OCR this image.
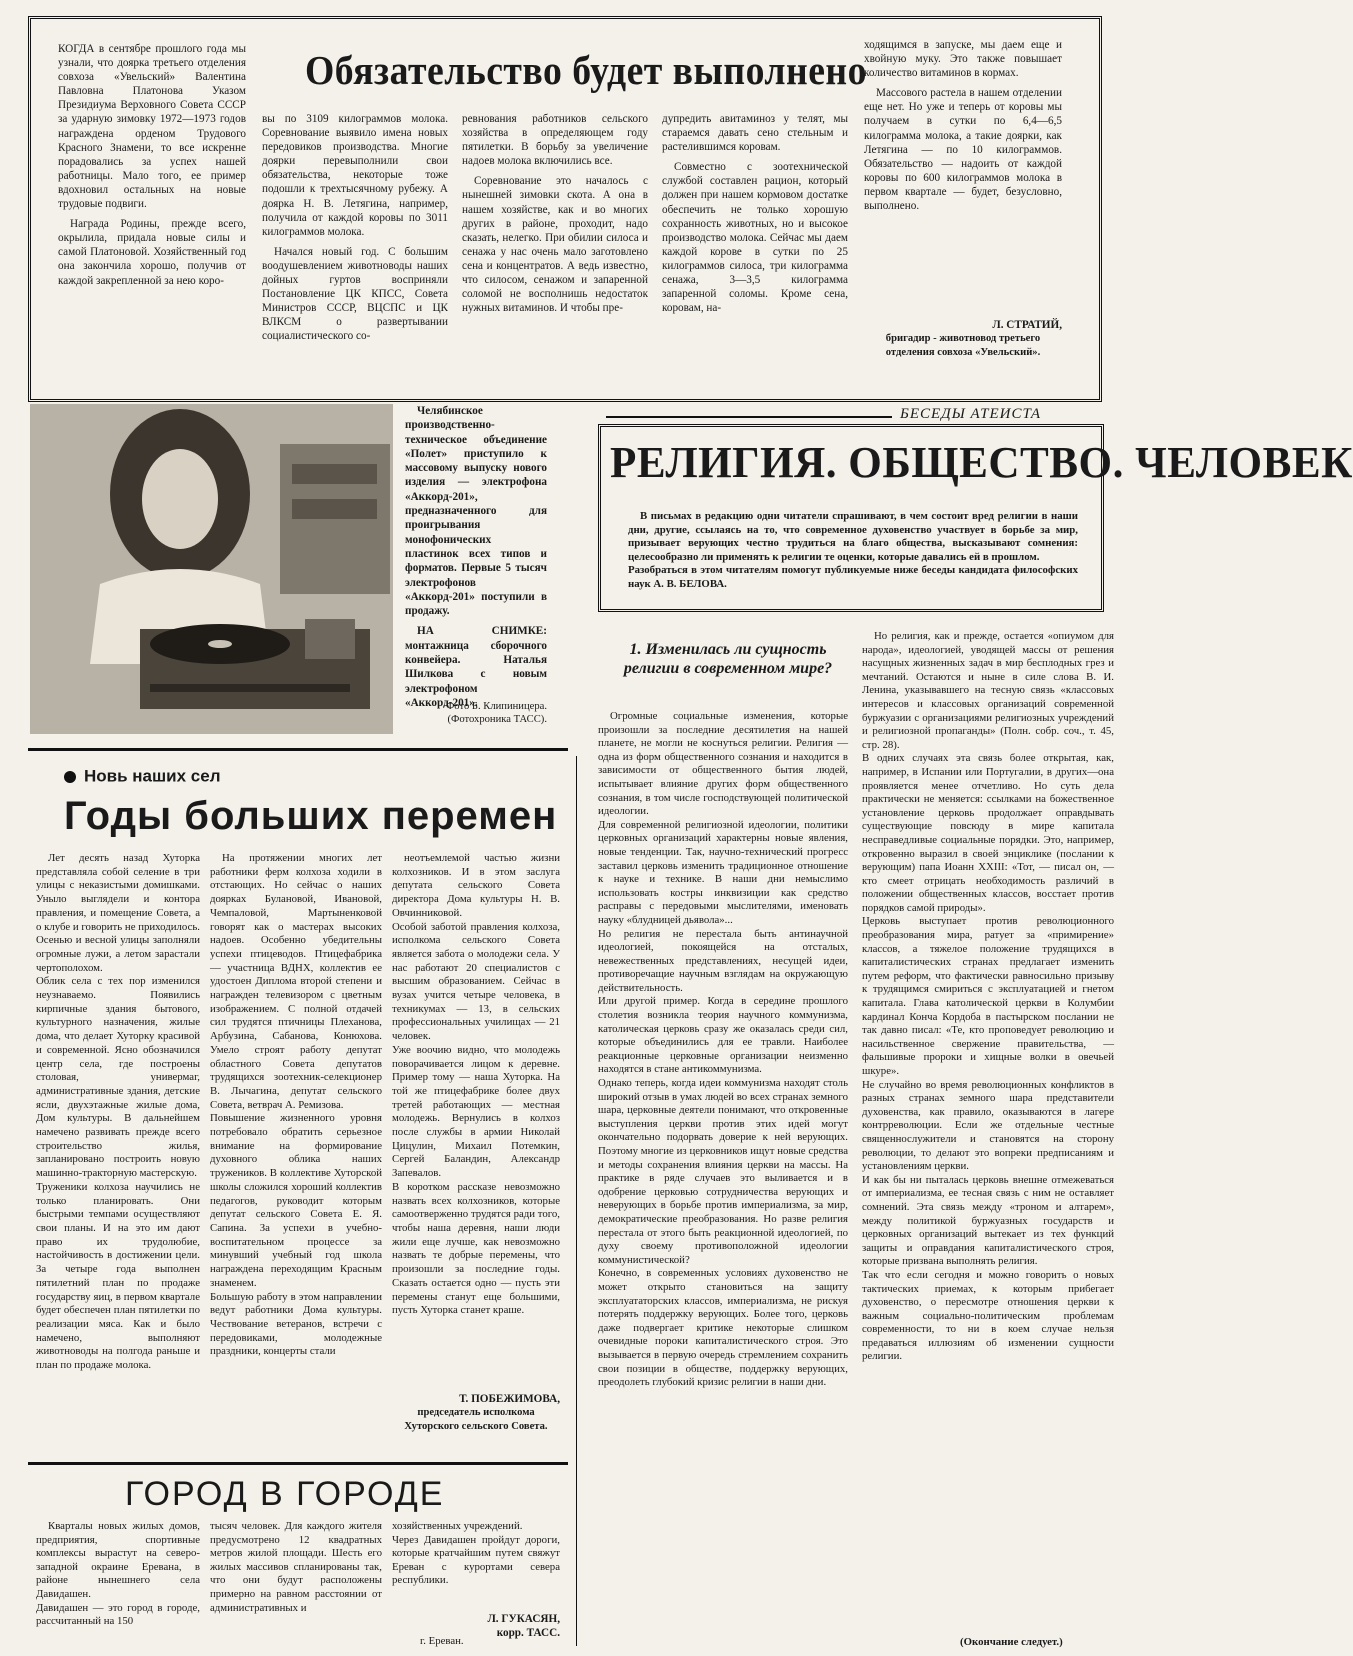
Обязательство будет выполнено

КОГДА в сентябре прошлого года мы узнали, что доярка третьего отделения совхоза «Увельский» Валентина Павловна Платонова Указом Президиума Верховного Совета СССР за ударную зимовку 1972—1973 годов награждена орденом Трудового Красного Знамени, то все искренне порадовались за успех нашей работницы. Мало того, ее пример вдохновил остальных на новые трудовые подвиги.

Награда Родины, прежде всего, окрылила, придала новые силы и самой Платоновой. Хозяйственный год она закончила хорошо, получив от каждой закрепленной за нею коро-

вы по 3109 килограммов молока. Соревнование выявило имена новых передовиков производства. Многие доярки перевыполнили свои обязательства, некоторые тоже подошли к трехтысячному рубежу. А доярка Н. В. Летягина, например, получила от каждой коровы по 3011 килограммов молока.

Начался новый год. С большим воодушевлением животноводы наших дойных гуртов восприняли Постановление ЦК КПСС, Совета Министров СССР, ВЦСПС и ЦК ВЛКСМ о развертывании социалистического со-

ревнования работников сельского хозяйства в определяющем году пятилетки. В борьбу за увеличение надоев молока включились все.

Соревнование это началось с нынешней зимовки скота. А она в нашем хозяйстве, как и во многих других в районе, проходит, надо сказать, нелегко. При обилии силоса и сенажа у нас очень мало заготовлено сена и концентратов. А ведь известно, что силосом, сенажом и запаренной соломой не восполнишь недостаток нужных витаминов. И чтобы пре-

дупредить авитаминоз у телят, мы стараемся давать сено стельным и растелившимся коровам.

Совместно с зоотехнической службой составлен рацион, который должен при нашем кормовом достатке обеспечить не только хорошую сохранность животных, но и высокое производство молока. Сейчас мы даем каждой корове в сутки по 25 килограммов силоса, три килограмма сенажа, 3—3,5 килограмма запаренной соломы. Кроме сена, коровам, на-

ходящимся в запуске, мы даем еще и хвойную муку. Это также повышает количество витаминов в кормах.

Массового растела в нашем отделении еще нет. Но уже и теперь от коровы мы получаем в сутки по 6,4—6,5 килограмма молока, а такие доярки, как Летягина — по 10 килограммов. Обязательство — надоить от каждой коровы по 600 килограммов молока в первом квартале — будет, безусловно, выполнено.

Л. СТРАТИЙ,
бригадир - животновод третьего отделения совхоза «Увельский».

Челябинское производственно-техническое объединение «Полет» приступило к массовому выпуску нового изделия — электрофона «Аккорд-201», предназначенного для проигрывания монофонических пластинок всех типов и форматов. Первые 5 тысяч электрофонов «Аккорд-201» поступили в продажу.

НА СНИМКЕ: монтажница сборочного конвейера. Наталья Шилкова с новым электрофоном «Аккорд-201».

Фото Б. Клипиницера. (Фотохроника ТАСС).
Новь наших сел
Годы больших перемен

Лет десять назад Хуторка представляла собой селение в три улицы с неказистыми домишками. Уныло выглядели и контора правления, и помещение Совета, а о клубе и говорить не приходилось. Осенью и весной улицы заполняли огромные лужи, а летом зарастали чертополохом.
Облик села с тех пор изменился неузнаваемо. Появились кирпичные здания бытового, культурного назначения, жилые дома, что делает Хуторку красивой и современной. Ясно обозначился центр села, где построены столовая, универмаг, административные здания, детские ясли, двухэтажные жилые дома, Дом культуры. В дальнейшем намечено развивать прежде всего строительство жилья, запланировано построить новую машинно-тракторную мастерскую.
Труженики колхоза научились не только планировать. Они быстрыми темпами осуществляют свои планы. И на это им дают право их трудолюбие, настойчивость в достижении цели. За четыре года выполнен пятилетний план по продаже государству яиц, в первом квартале будет обеспечен план пятилетки по реализации мяса. Как и было намечено, выполняют животноводы на полгода раньше и план по продаже молока.

На протяжении многих лет работники ферм колхоза ходили в отстающих. Но сейчас о наших доярках Булановой, Ивановой, Чемпаловой, Мартыненковой говорят как о мастерах высоких надоев. Особенно убедительны успехи птицеводов. Птицефабрика — участница ВДНХ, коллектив ее удостоен Диплома второй степени и награжден телевизором с цветным изображением. С полной отдачей сил трудятся птичницы Плеханова, Арбузина, Сабанова, Конюхова. Умело строят работу депутат областного Совета депутатов трудящихся зоотехник-селекционер В. Лычагина, депутат сельского Совета, ветврач А. Ремизова.
Повышение жизненного уровня потребовало обратить серьезное внимание на формирование духовного облика наших тружеников. В коллективе Хуторской школы сложился хороший коллектив педагогов, руководит которым депутат сельского Совета Е. Я. Сапина. За успехи в учебно-воспитательном процессе за минувший учебный год школа награждена переходящим Красным знаменем.
Большую работу в этом направлении ведут работники Дома культуры. Чествование ветеранов, встречи с передовиками, молодежные праздники, концерты стали

неотъемлемой частью жизни колхозников. И в этом заслуга депутата сельского Совета директора Дома культуры Н. В. Овчинниковой.
Особой заботой правления колхоза, исполкома сельского Совета является забота о молодежи села. У нас работают 20 специалистов с высшим образованием. Сейчас в вузах учится четыре человека, в техникумах — 13, в сельских профессиональных училищах — 21 человек.
Уже воочию видно, что молодежь поворачивается лицом к деревне. Пример тому — наша Хуторка. На той же птицефабрике более двух третей работающих — местная молодежь. Вернулись в колхоз после службы в армии Николай Цицулин, Михаил Потемкин, Сергей Баландин, Александр Запевалов.
В коротком рассказе невозможно назвать всех колхозников, которые самоотверженно трудятся ради того, чтобы наша деревня, наши люди жили еще лучше, как невозможно назвать те добрые перемены, что произошли за последние годы. Сказать остается одно — пусть эти перемены станут еще большими, пусть Хуторка станет краше.

Т. ПОБЕЖИМОВА,
председатель исполкома Хуторского сельского Совета.
ГОРОД В ГОРОДЕ

Кварталы новых жилых домов, предприятия, спортивные комплексы вырастут на северо-западной окраине Еревана, в районе нынешнего села Давидашен.
Давидашен — это город в городе, рассчитанный на 150

тысяч человек. Для каждого жителя предусмотрено 12 квадратных метров жилой площади. Шесть его жилых массивов спланированы так, что они будут расположены примерно на равном расстоянии от административных и

хозяйственных учреждений.
Через Давидашен пройдут дороги, которые кратчайшим путем свяжут Ереван с курортами севера республики.

Л. ГУКАСЯН,
корр. ТАСС.
г. Ереван.
БЕСЕДЫ АТЕИСТА
РЕЛИГИЯ. ОБЩЕСТВО. ЧЕЛОВЕК

В письмах в редакцию одни читатели спрашивают, в чем состоит вред религии в наши дни, другие, ссылаясь на то, что современное духовенство участвует в борьбе за мир, призывает верующих честно трудиться на благо общества, высказывают сомнения: целесообразно ли применять к религии те оценки, которые давались ей в прошлом.
Разобраться в этом читателям помогут публикуемые ниже беседы кандидата философских наук А. В. БЕЛОВА.

1. Изменилась ли сущность религии в современном мире?

Огромные социальные изменения, которые произошли за последние десятилетия на нашей планете, не могли не коснуться религии. Религия — одна из форм общественного сознания и находится в зависимости от общественного бытия людей, испытывает влияние других форм общественного сознания, в том числе господствующей политической идеологии.
Для современной религиозной идеологии, политики церковных организаций характерны новые явления, новые тенденции. Так, научно-технический прогресс заставил церковь изменить традиционное отношение к науке и технике. В наши дни немыслимо использовать костры инквизиции как средство расправы с передовыми мыслителями, именовать науку «блудницей дьявола»...
Но религия не перестала быть антинаучной идеологией, покоящейся на отсталых, невежественных представлениях, несущей идеи, противоречащие научным взглядам на окружающую действительность.
Или другой пример. Когда в середине прошлого столетия возникла теория научного коммунизма, католическая церковь сразу же оказалась среди сил, которые объединились для ее травли. Наиболее реакционные церковные организации неизменно находятся в стане антикоммунизма.
Однако теперь, когда идеи коммунизма находят столь широкий отзыв в умах людей во всех странах земного шара, церковные деятели понимают, что откровенные выступления церкви против этих идей могут окончательно подорвать доверие к ней верующих. Поэтому многие из церковников ищут новые средства и методы сохранения влияния церкви на массы. На практике в ряде случаев это выливается и в одобрение церковью сотрудничества верующих и неверующих в борьбе против империализма, за мир, демократические преобразования. Но разве религия перестала от этого быть реакционной идеологией, по духу своему противоположной идеологии коммунистической?
Конечно, в современных условиях духовенство не может открыто становиться на защиту эксплуататорских классов, империализма, не рискуя потерять поддержку верующих. Более того, церковь даже подвергает критике некоторые слишком очевидные пороки капиталистического строя. Это вызывается в первую очередь стремлением сохранить свои позиции в обществе, поддержку верующих, преодолеть глубокий кризис религии в наши дни.

Но религия, как и прежде, остается «опиумом для народа», идеологией, уводящей массы от решения насущных жизненных задач в мир бесплодных грез и мечтаний. Остаются и ныне в силе слова В. И. Ленина, указывавшего на тесную связь «классовых интересов и классовых организаций современной буржуазии с организациями религиозных учреждений и религиозной пропаганды» (Полн. собр. соч., т. 45, стр. 28).
В одних случаях эта связь более открытая, как, например, в Испании или Португалии, в других—она проявляется менее отчетливо. Но суть дела практически не меняется: ссылками на божественное установление церковь продолжает оправдывать существующие повсюду в мире капитала несправедливые социальные порядки. Это, например, откровенно выразил в своей энциклике (послании к верующим) папа Иоанн XXIII: «Тот, — писал он, — кто смеет отрицать необходимость различий в положении общественных классов, восстает против порядков самой природы».
Церковь выступает против революционного преобразования мира, ратует за «примирение» классов, а тяжелое положение трудящихся в капиталистических странах предлагает изменить путем реформ, что фактически равносильно призыву к трудящимся смириться с эксплуатацией и гнетом капитала. Глава католической церкви в Колумбии кардинал Конча Кордоба в пастырском послании не так давно писал: «Те, кто проповедует революцию и насильственное свержение правительства, — фальшивые пророки и хищные волки в овечьей шкуре».
Не случайно во время революционных конфликтов в разных странах земного шара представители духовенства, как правило, оказываются в лагере контрреволюции. Если же отдельные честные священнослужители и становятся на сторону революции, то делают это вопреки предписаниям и установлениям церкви.
И как бы ни пыталась церковь внешне отмежеваться от империализма, ее тесная связь с ним не оставляет сомнений. Эта связь между «троном и алтарем», между политикой буржуазных государств и церковных организаций вытекает из тех функций защиты и оправдания капиталистического строя, которые призвана выполнять религия.
Так что если сегодня и можно говорить о новых тактических приемах, к которым прибегает духовенство, о пересмотре отношения церкви к важным социально-политическим проблемам современности, то ни в коем случае нельзя предаваться иллюзиям об изменении сущности религии.

(Окончание следует.)
